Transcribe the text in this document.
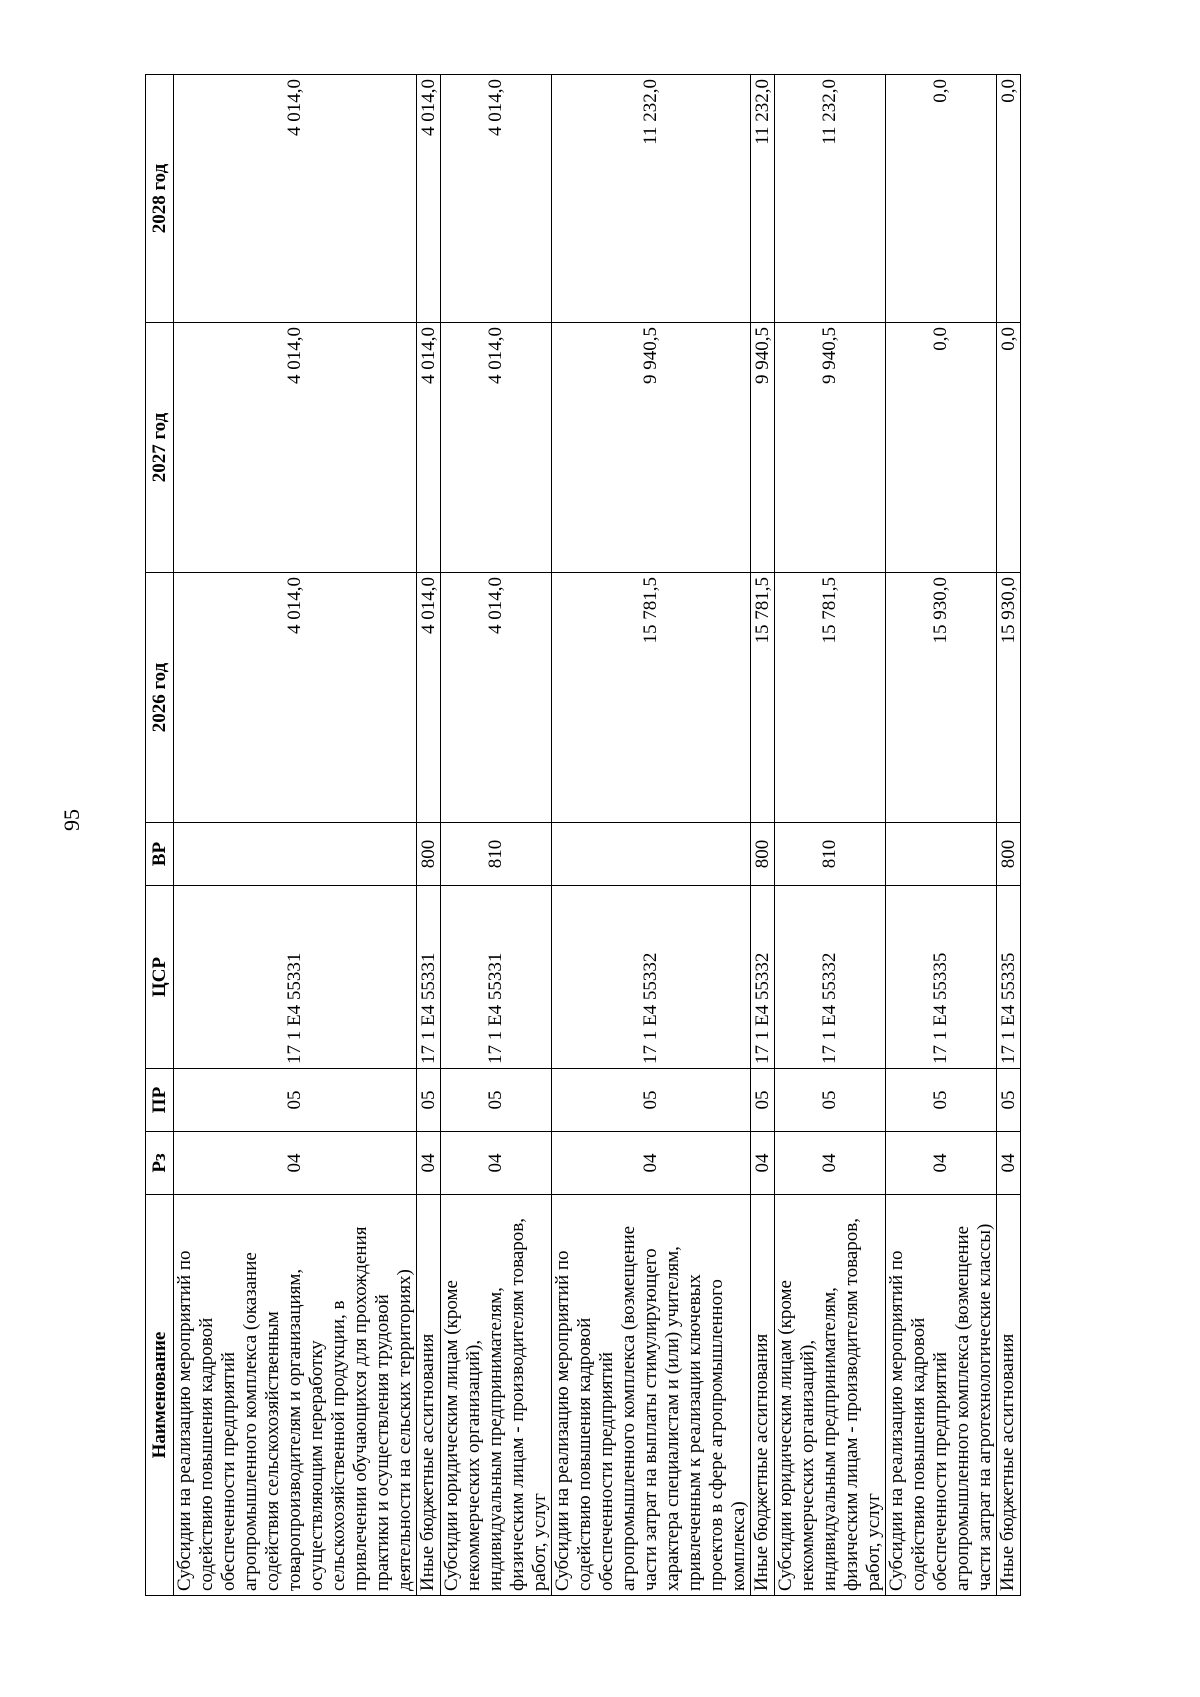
95
Наименование	Рз	ПР	ЦСР	ВР	2026 год	2027 год	2028 год
Субсидии на реализацию мероприятий по содействию повышения кадровой обеспеченности предприятий агропромышленного комплекса (оказание содействия сельскохозяйственным товаропроизводителям и организациям, осуществляющим переработку сельскохозяйственной продукции, в привлечении обучающихся для прохождения практики и осуществления трудовой деятельности на сельских территориях)	04	05	17 1 Е4 55331		4 014,0	4 014,0	4 014,0
Иные бюджетные ассигнования	04	05	17 1 Е4 55331	800	4 014,0	4 014,0	4 014,0
Субсидии юридическим лицам (кроме некоммерческих организаций), индивидуальным предпринимателям, физическим лицам - производителям товаров, работ, услуг	04	05	17 1 Е4 55331	810	4 014,0	4 014,0	4 014,0
Субсидии на реализацию мероприятий по содействию повышения кадровой обеспеченности предприятий агропромышленного комплекса (возмещение части затрат на выплаты стимулирующего характера специалистам и (или) учителям, привлеченным к реализации ключевых проектов в сфере агропромышленного комплекса)	04	05	17 1 Е4 55332		15 781,5	9 940,5	11 232,0
Иные бюджетные ассигнования	04	05	17 1 Е4 55332	800	15 781,5	9 940,5	11 232,0
Субсидии юридическим лицам (кроме некоммерческих организаций), индивидуальным предпринимателям, физическим лицам - производителям товаров, работ, услуг	04	05	17 1 Е4 55332	810	15 781,5	9 940,5	11 232,0
Субсидии на реализацию мероприятий по содействию повышения кадровой обеспеченности предприятий агропромышленного комплекса (возмещение части затрат на агротехнологические классы)	04	05	17 1 Е4 55335		15 930,0	0,0	0,0
Иные бюджетные ассигнования	04	05	17 1 Е4 55335	800	15 930,0	0,0	0,0
